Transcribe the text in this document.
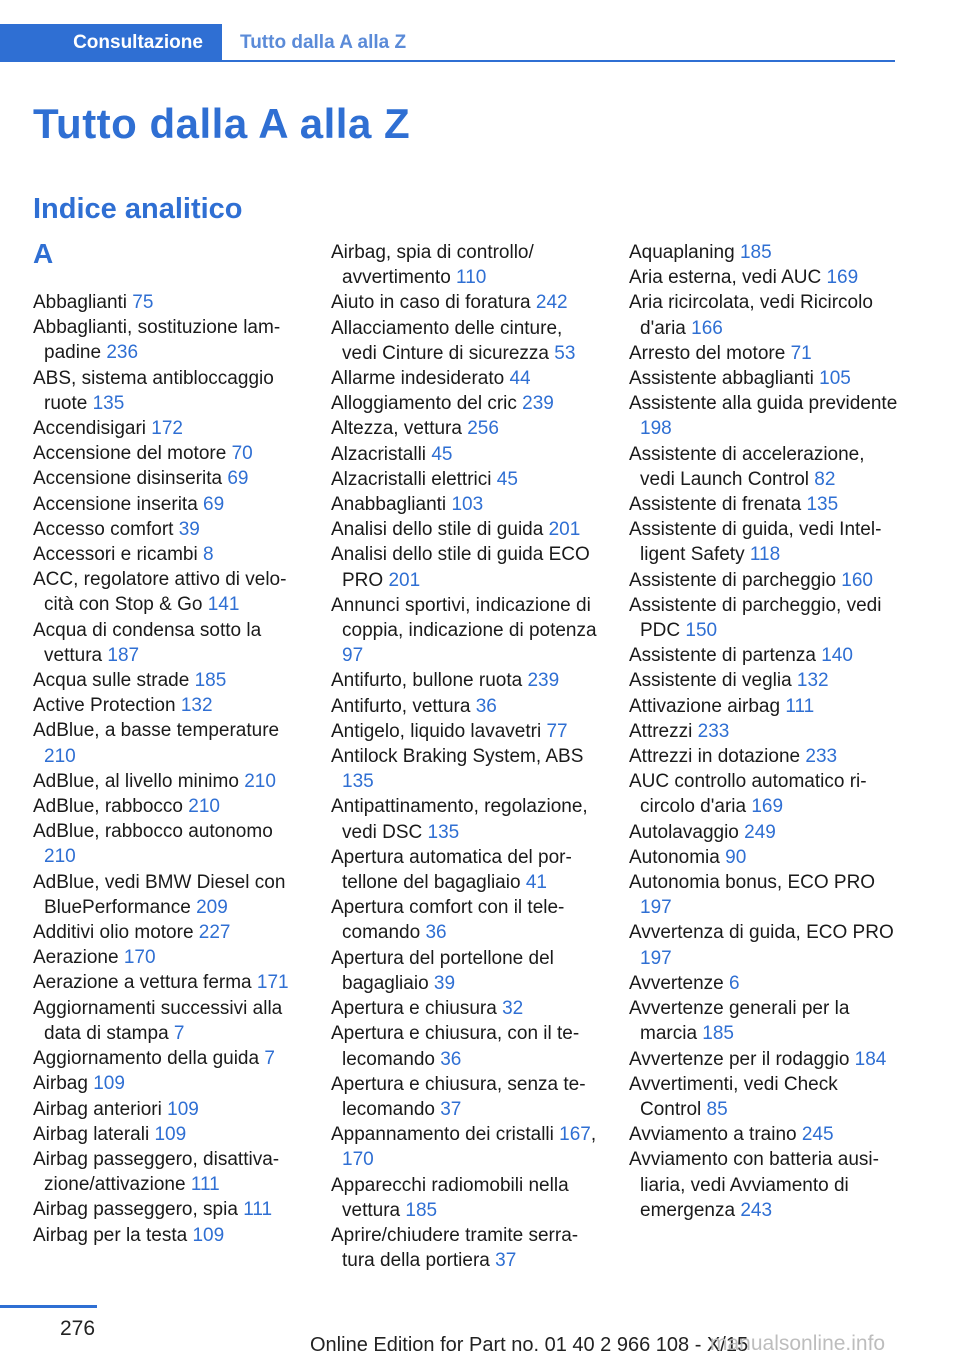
Consultazione	Tutto dalla A alla Z
Tutto dalla A alla Z
Indice analitico
A

Abbaglianti 75

Abbaglianti, sostituzione lampadine 236

ABS, sistema antibloccaggio ruote 135

Accendisigari 172

Accensione del motore 70

Accensione disinserita 69

Accensione inserita 69

Accesso comfort 39

Accessori e ricambi 8

ACC, regolatore attivo di velocità con Stop & Go 141

Acqua di condensa sotto la vettura 187

Acqua sulle strade 185

Active Protection 132

AdBlue, a basse temperature 210

AdBlue, al livello minimo 210

AdBlue, rabbocco 210

AdBlue, rabbocco autonomo 210

AdBlue, vedi BMW Diesel con BluePerformance 209

Additivi olio motore 227

Aerazione 170

Aerazione a vettura ferma 171

Aggiornamenti successivi alla data di stampa 7

Aggiornamento della guida 7

Airbag 109

Airbag anteriori 109

Airbag laterali 109

Airbag passeggero, disattivazione/attivazione 111

Airbag passeggero, spia 111

Airbag per la testa 109

Airbag, spia di controllo/ avvertimento 110

Aiuto in caso di foratura 242

Allacciamento delle cinture, vedi Cinture di sicurezza 53

Allarme indesiderato 44

Alloggiamento del cric 239

Altezza, vettura 256

Alzacristalli 45

Alzacristalli elettrici 45

Anabbaglianti 103

Analisi dello stile di guida 201

Analisi dello stile di guida ECO PRO 201

Annunci sportivi, indicazione di coppia, indicazione di potenza 97

Antifurto, bullone ruota 239

Antifurto, vettura 36

Antigelo, liquido lavavetri 77

Antilock Braking System, ABS 135

Antipattinamento, regolazione, vedi DSC 135

Apertura automatica del portellone del bagagliaio 41

Apertura comfort con il telecomando 36

Apertura del portellone del bagagliaio 39

Apertura e chiusura 32

Apertura e chiusura, con il telecomando 36

Apertura e chiusura, senza telecomando 37

Appannamento dei cristalli 167, 170

Apparecchi radiomobili nella vettura 185

Aprire/chiudere tramite serratura della portiera 37

Aquaplaning 185

Aria esterna, vedi AUC 169

Aria ricircolata, vedi Ricircolo d'aria 166

Arresto del motore 71

Assistente abbaglianti 105

Assistente alla guida previdente 198

Assistente di accelerazione, vedi Launch Control 82

Assistente di frenata 135

Assistente di guida, vedi Intelligent Safety 118

Assistente di parcheggio 160

Assistente di parcheggio, vedi PDC 150

Assistente di partenza 140

Assistente di veglia 132

Attivazione airbag 111

Attrezzi 233

Attrezzi in dotazione 233

AUC controllo automatico ricircolo d'aria 169

Autolavaggio 249

Autonomia 90

Autonomia bonus, ECO PRO 197

Avvertenza di guida, ECO PRO 197

Avvertenze 6

Avvertenze generali per la marcia 185

Avvertenze per il rodaggio 184

Avvertimenti, vedi Check Control 85

Avviamento a traino 245

Avviamento con batteria ausiliaria, vedi Avviamento di emergenza 243

276
Online Edition for Part no. 01 40 2 966 108 - X/15
manualsonline.info
